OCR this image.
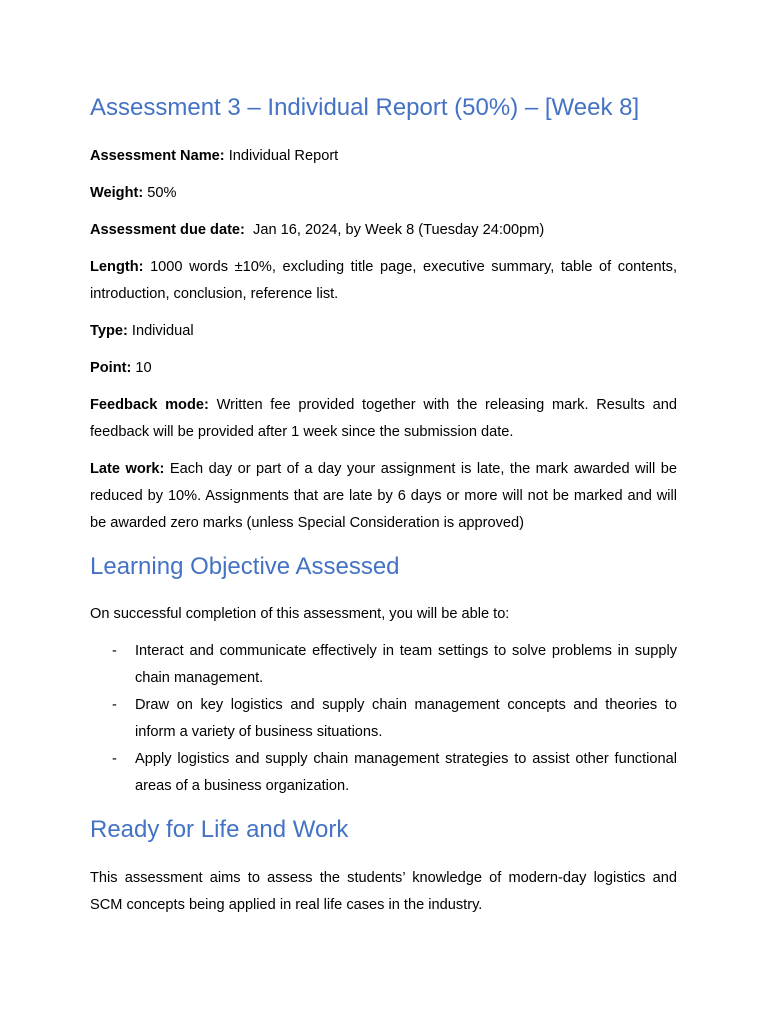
Assessment 3 – Individual Report (50%) – [Week 8]

Assessment Name: Individual Report

Weight: 50%

Assessment due date:  Jan 16, 2024, by Week 8 (Tuesday 24:00pm)

Length: 1000 words ±10%, excluding title page, executive summary, table of contents, introduction, conclusion, reference list.

Type: Individual

Point: 10

Feedback mode: Written fee provided together with the releasing mark. Results and feedback will be provided after 1 week since the submission date.

Late work: Each day or part of a day your assignment is late, the mark awarded will be reduced by 10%. Assignments that are late by 6 days or more will not be marked and will be awarded zero marks (unless Special Consideration is approved)

Learning Objective Assessed

On successful completion of this assessment, you will be able to:

- Interact and communicate effectively in team settings to solve problems in supply chain management.
- Draw on key logistics and supply chain management concepts and theories to inform a variety of business situations.
- Apply logistics and supply chain management strategies to assist other functional areas of a business organization.
Ready for Life and Work

This assessment aims to assess the students’ knowledge of modern-day logistics and SCM concepts being applied in real life cases in the industry.
